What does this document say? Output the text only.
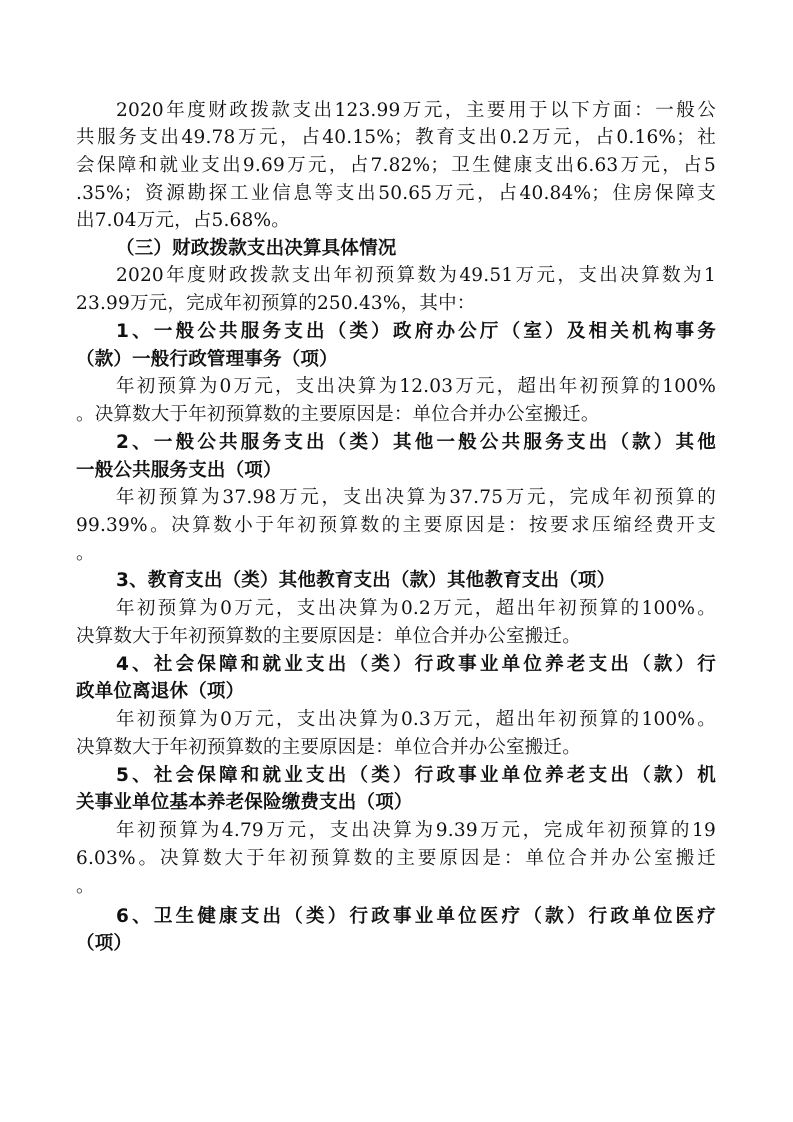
2020年度财政拨款支出123.99万元，主要用于以下方面：一般公

共服务支出49.78万元，占40.15%；教育支出0.2万元，占0.16%；社

会保障和就业支出9.69万元，占7.82%；卫生健康支出6.63万元，占5

.35%；资源勘探工业信息等支出50.65万元，占40.84%；住房保障支

出7.04万元，占5.68%。

（三）财政拨款支出决算具体情况

2020年度财政拨款支出年初预算数为49.51万元，支出决算数为1

23.99万元，完成年初预算的250.43%，其中：

1、一般公共服务支出（类）政府办公厅（室）及相关机构事务

（款）一般行政管理事务（项）

年初预算为0万元，支出决算为12.03万元，超出年初预算的100%

。决算数大于年初预算数的主要原因是：单位合并办公室搬迁。

2、一般公共服务支出（类）其他一般公共服务支出（款）其他

一般公共服务支出（项）

年初预算为37.98万元，支出决算为37.75万元，完成年初预算的

99.39%。决算数小于年初预算数的主要原因是：按要求压缩经费开支

。

3、教育支出（类）其他教育支出（款）其他教育支出（项）

年初预算为0万元，支出决算为0.2万元，超出年初预算的100%。

决算数大于年初预算数的主要原因是：单位合并办公室搬迁。

4、社会保障和就业支出（类）行政事业单位养老支出（款）行

政单位离退休（项）

年初预算为0万元，支出决算为0.3万元，超出年初预算的100%。

决算数大于年初预算数的主要原因是：单位合并办公室搬迁。

5、社会保障和就业支出（类）行政事业单位养老支出（款）机

关事业单位基本养老保险缴费支出（项）

年初预算为4.79万元，支出决算为9.39万元，完成年初预算的19

6.03%。决算数大于年初预算数的主要原因是：单位合并办公室搬迁

。

6、卫生健康支出（类）行政事业单位医疗（款）行政单位医疗

（项）
